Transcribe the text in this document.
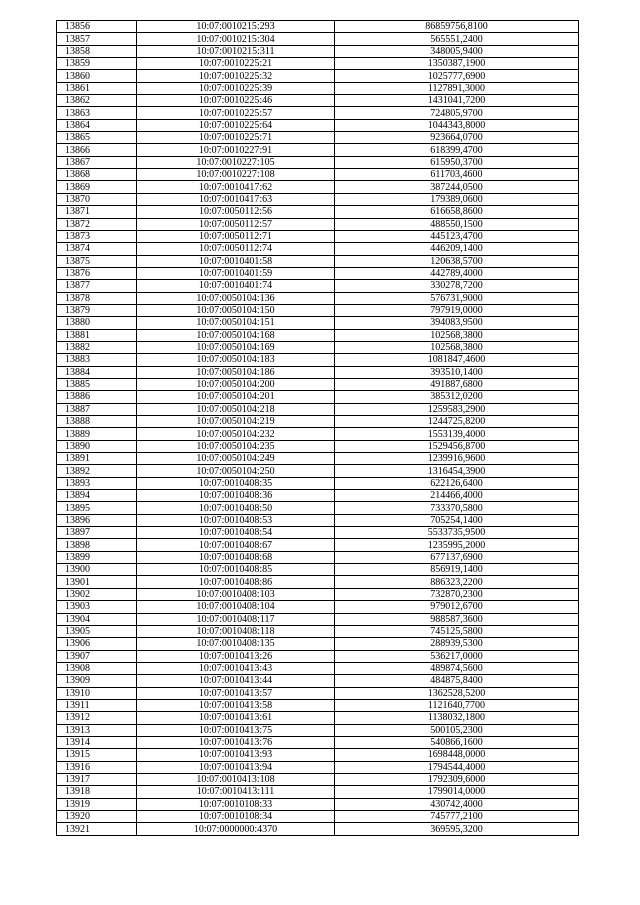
13856	10:07:0010215:293	86859756,8100
13857	10:07:0010215:304	565551,2400
13858	10:07:0010215:311	348005,9400
13859	10:07:0010225:21	1350387,1900
13860	10:07:0010225:32	1025777,6900
13861	10:07:0010225:39	1127891,3000
13862	10:07:0010225:46	1431041,7200
13863	10:07:0010225:57	724805,9700
13864	10:07:0010225:64	1044343,8000
13865	10:07:0010225:71	923664,0700
13866	10:07:0010227:91	618399,4700
13867	10:07:0010227:105	615950,3700
13868	10:07:0010227:108	611703,4600
13869	10:07:0010417:62	387244,0500
13870	10:07:0010417:63	179389,0600
13871	10:07:0050112:56	616658,8600
13872	10:07:0050112:57	488550,1500
13873	10:07:0050112:71	445123,4700
13874	10:07:0050112:74	446209,1400
13875	10:07:0010401:58	120638,5700
13876	10:07:0010401:59	442789,4000
13877	10:07:0010401:74	330278,7200
13878	10:07:0050104:136	576731,9000
13879	10:07:0050104:150	797919,0000
13880	10:07:0050104:151	394083,9500
13881	10:07:0050104:168	102568,3800
13882	10:07:0050104:169	102568,3800
13883	10:07:0050104:183	1081847,4600
13884	10:07:0050104:186	393510,1400
13885	10:07:0050104:200	491887,6800
13886	10:07:0050104:201	385312,0200
13887	10:07:0050104:218	1259583,2900
13888	10:07:0050104:219	1244725,8200
13889	10:07:0050104:232	1553139,4000
13890	10:07:0050104:235	1529456,8700
13891	10:07:0050104:249	1239916,9600
13892	10:07:0050104:250	1316454,3900
13893	10:07:0010408:35	622126,6400
13894	10:07:0010408:36	214466,4000
13895	10:07:0010408:50	733370,5800
13896	10:07:0010408:53	705254,1400
13897	10:07:0010408:54	5533735,9500
13898	10:07:0010408:67	1235995,2000
13899	10:07:0010408:68	677137,6900
13900	10:07:0010408:85	856919,1400
13901	10:07:0010408:86	886323,2200
13902	10:07:0010408:103	732870,2300
13903	10:07:0010408:104	979012,6700
13904	10:07:0010408:117	988587,3600
13905	10:07:0010408:118	745125,5800
13906	10:07:0010408:135	288939,5300
13907	10:07:0010413:26	536217,0000
13908	10:07:0010413:43	489874,5600
13909	10:07:0010413:44	484875,8400
13910	10:07:0010413:57	1362528,5200
13911	10:07:0010413:58	1121640,7700
13912	10:07:0010413:61	1138032,1800
13913	10:07:0010413:75	500105,2300
13914	10:07:0010413:76	540866,1600
13915	10:07:0010413:93	1698448,0000
13916	10:07:0010413:94	1794544,4000
13917	10:07:0010413:108	1792309,6000
13918	10:07:0010413:111	1799014,0000
13919	10:07:0010108:33	430742,4000
13920	10:07:0010108:34	745777,2100
13921	10:07:0000000:4370	369595,3200
